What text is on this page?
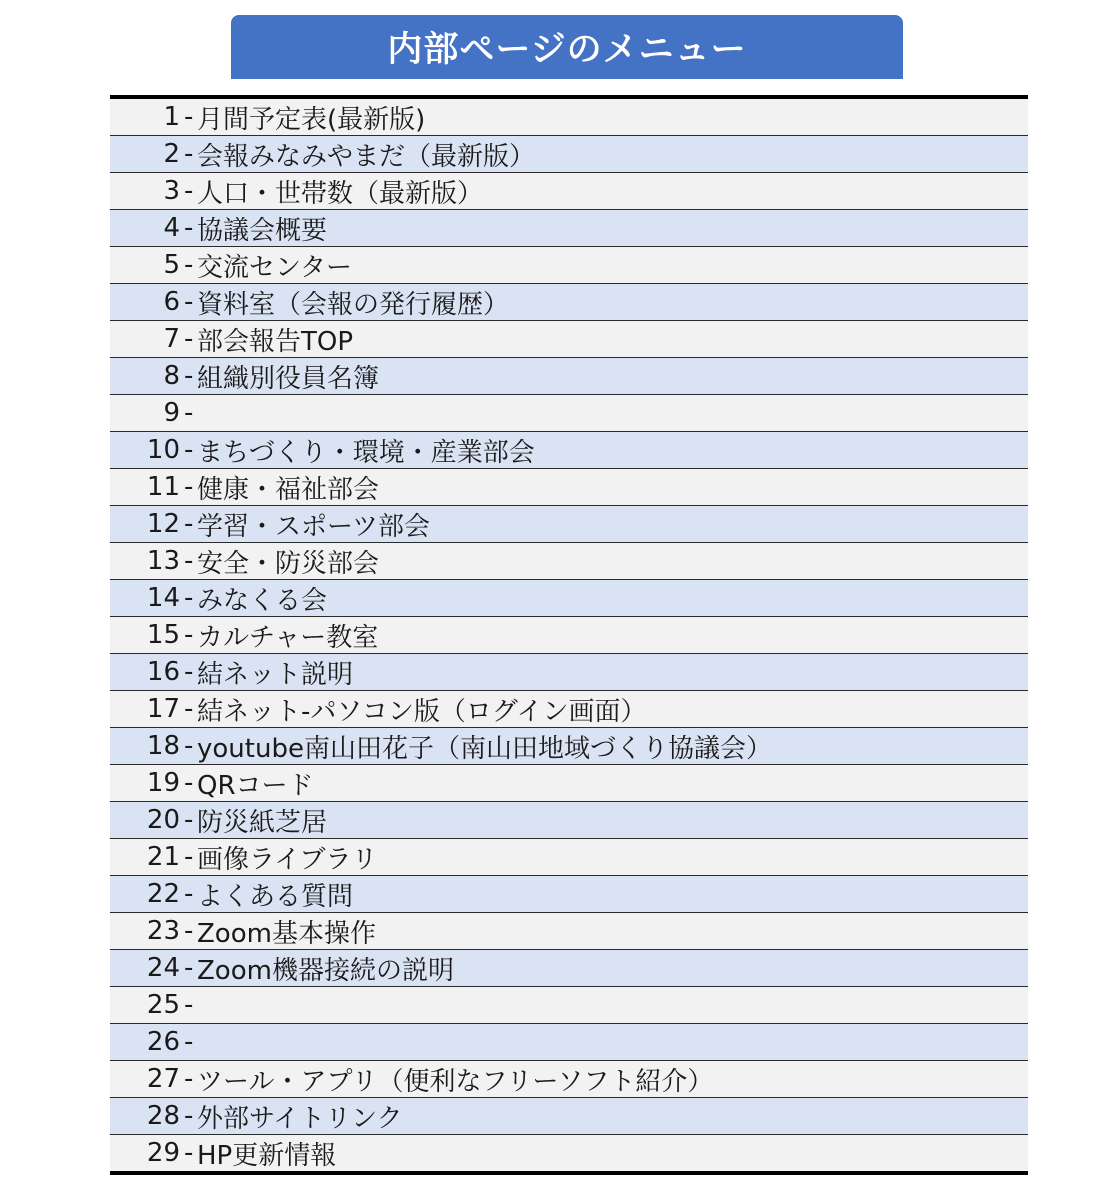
内部ページのメニュー
1 - 月間予定表(最新版)
2 - 会報みなみやまだ（最新版）
3 - 人口・世帯数（最新版）
4 - 協議会概要
5 - 交流センター
6 - 資料室（会報の発行履歴）
7 - 部会報告TOP
8 - 組織別役員名簿
9 -
10 - まちづくり・環境・産業部会
11 - 健康・福祉部会
12 - 学習・スポーツ部会
13 - 安全・防災部会
14 - みなくる会
15 - カルチャー教室
16 - 結ネット説明
17 - 結ネット-パソコン版（ログイン画面）
18 - youtube南山田花子（南山田地域づくり協議会）
19 - QRコード
20 - 防災紙芝居
21 - 画像ライブラリ
22 - よくある質問
23 - Zoom基本操作
24 - Zoom機器接続の説明
25 -
26 -
27 - ツール・アプリ（便利なフリーソフト紹介）
28 - 外部サイトリンク
29 - HP更新情報
